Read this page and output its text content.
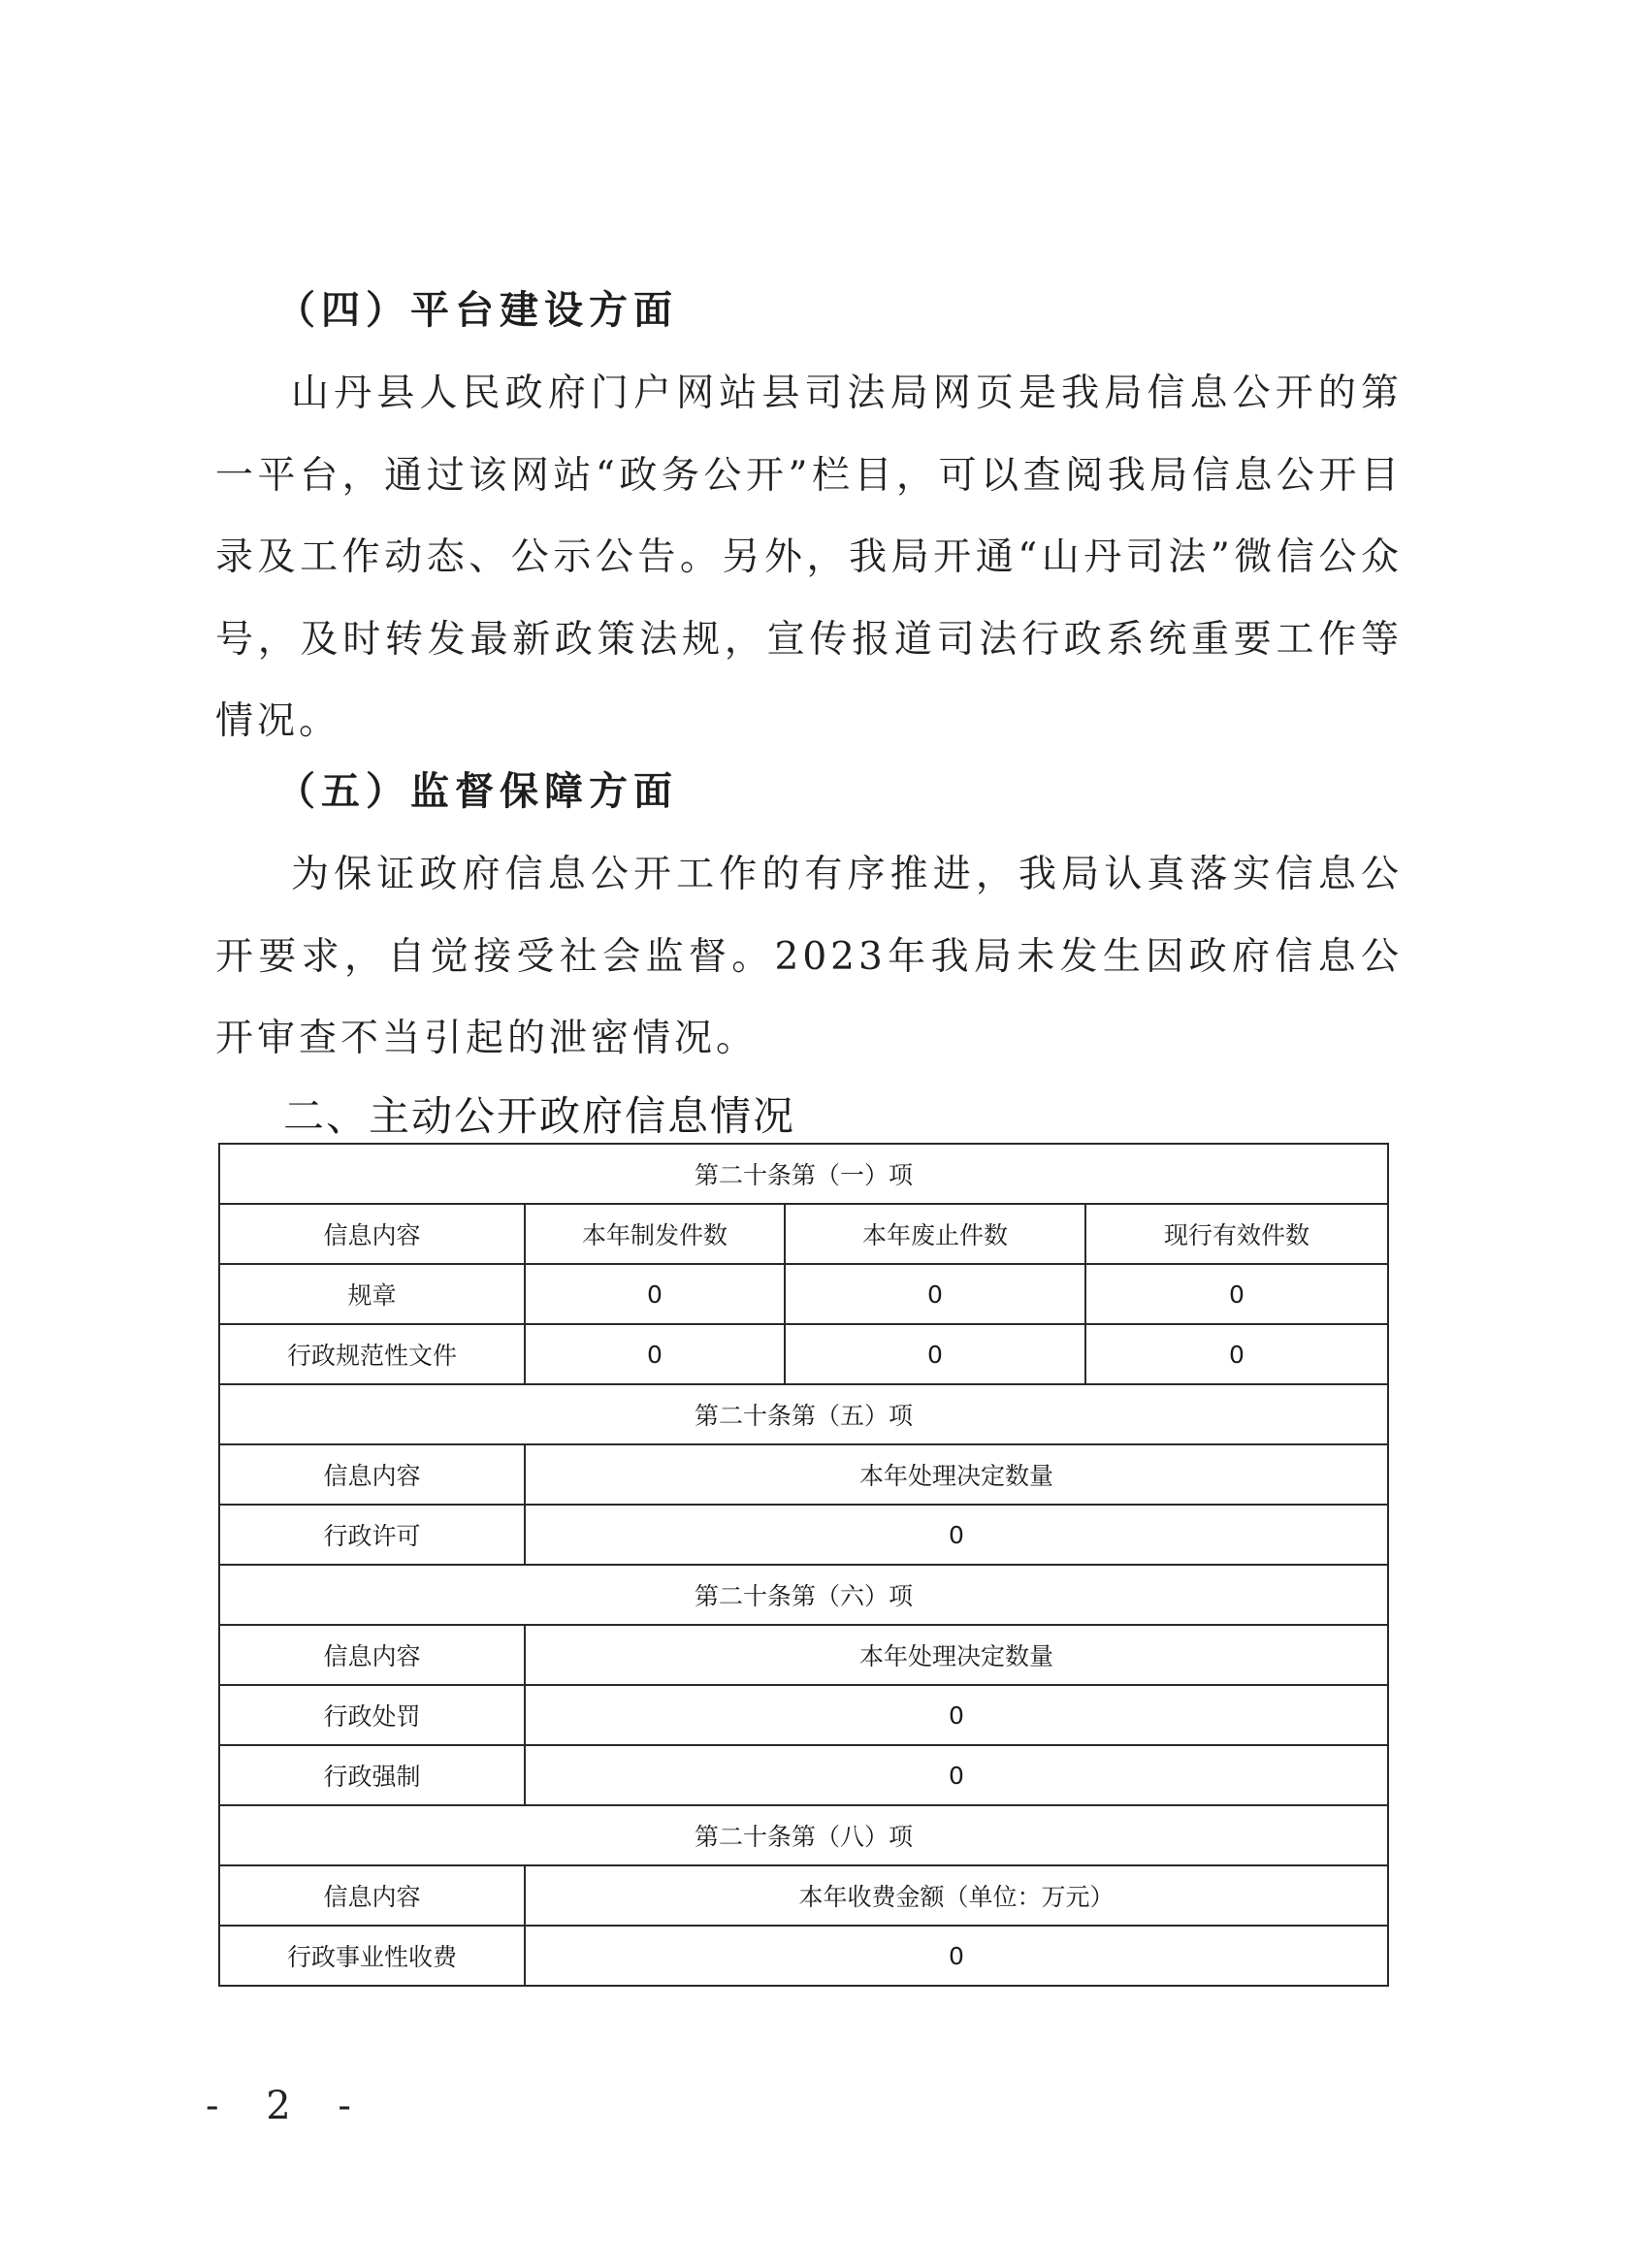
（四）平台建设方面

山丹县人民政府门户网站县司法局网页是我局信息公开的第一平台，通过该网站“政务公开”栏目，可以查阅我局信息公开目录及工作动态、公示公告。另外，我局开通“山丹司法”微信公众号，及时转发最新政策法规，宣传报道司法行政系统重要工作等情况。

（五）监督保障方面

为保证政府信息公开工作的有序推进，我局认真落实信息公开要求，自觉接受社会监督。2023年我局未发生因政府信息公开审查不当引起的泄密情况。

二、主动公开政府信息情况
第二十条第（一）项			
信息内容	本年制发件数	本年废止件数	现行有效件数
规章	0	0	0
行政规范性文件	0	0	0
第二十条第（五）项			
信息内容	本年处理决定数量		
行政许可	0		
第二十条第（六）项			
信息内容	本年处理决定数量		
行政处罚	0		
行政强制	0		
第二十条第（八）项			
信息内容	本年收费金额（单位：万元）		
行政事业性收费	0		
- 2 -
